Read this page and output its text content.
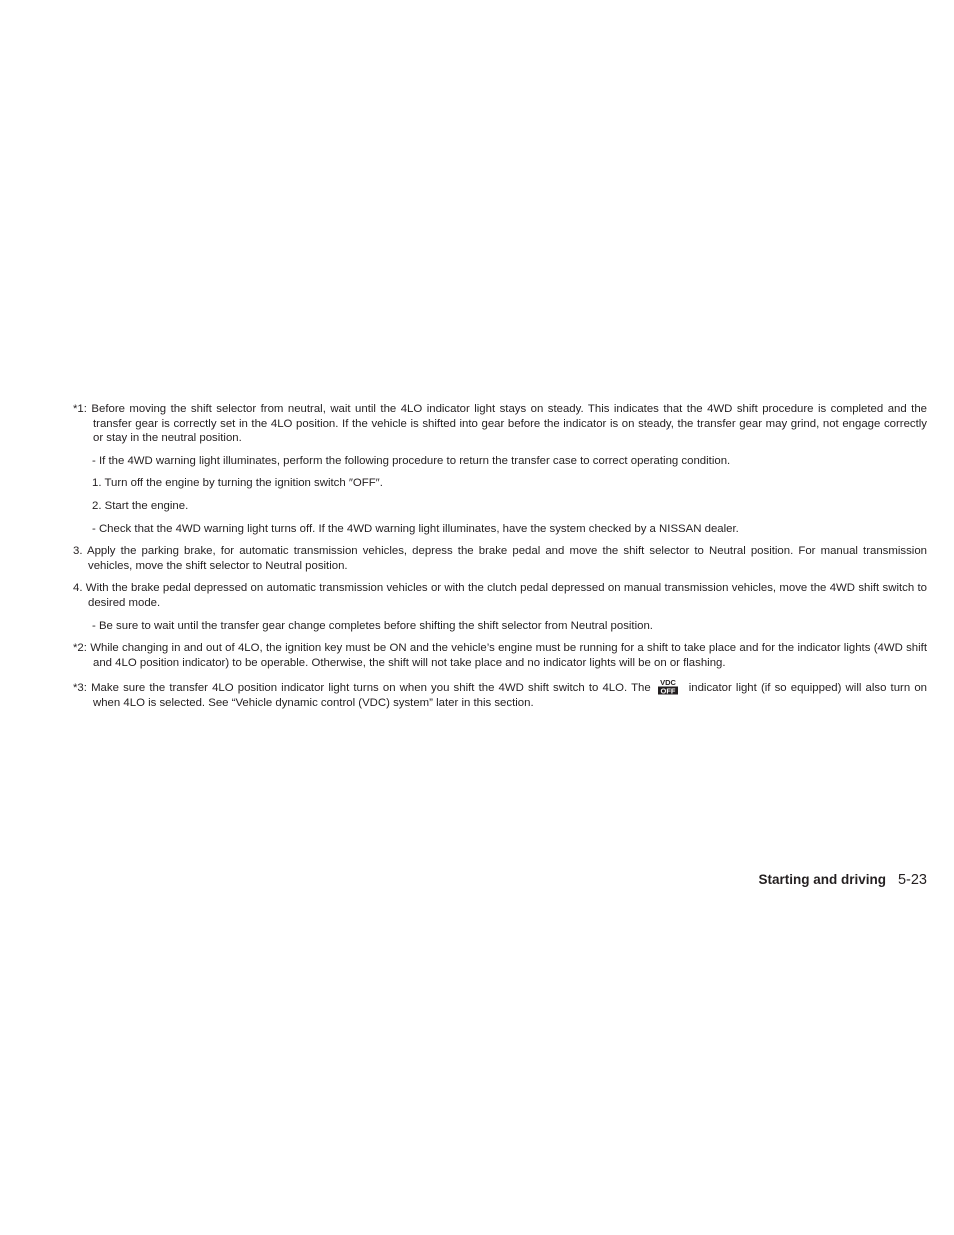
*1: Before moving the shift selector from neutral, wait until the 4LO indicator light stays on steady. This indicates that the 4WD shift procedure is completed and the transfer gear is correctly set in the 4LO position. If the vehicle is shifted into gear before the indicator is on steady, the transfer gear may grind, not engage correctly or stay in the neutral position.

- If the 4WD warning light illuminates, perform the following procedure to return the transfer case to correct operating condition.

1. Turn off the engine by turning the ignition switch ″OFF″.

2. Start the engine.

- Check that the 4WD warning light turns off. If the 4WD warning light illuminates, have the system checked by a NISSAN dealer.

3. Apply the parking brake, for automatic transmission vehicles, depress the brake pedal and move the shift selector to Neutral position. For manual transmission vehicles, move the shift selector to Neutral position.

4. With the brake pedal depressed on automatic transmission vehicles or with the clutch pedal depressed on manual transmission vehicles, move the 4WD shift switch to desired mode.

- Be sure to wait until the transfer gear change completes before shifting the shift selector from Neutral position.

*2: While changing in and out of 4LO, the ignition key must be ON and the vehicle’s engine must be running for a shift to take place and for the indicator lights (4WD shift and 4LO position indicator) to be operable. Otherwise, the shift will not take place and no indicator lights will be on or flashing.

*3: Make sure the transfer 4LO position indicator light turns on when you shift the 4WD shift switch to 4LO. The VDC
OFF indicator light (if so equipped) will also turn on when 4LO is selected. See “Vehicle dynamic control (VDC) system” later in this section.

Starting and driving 5-23
